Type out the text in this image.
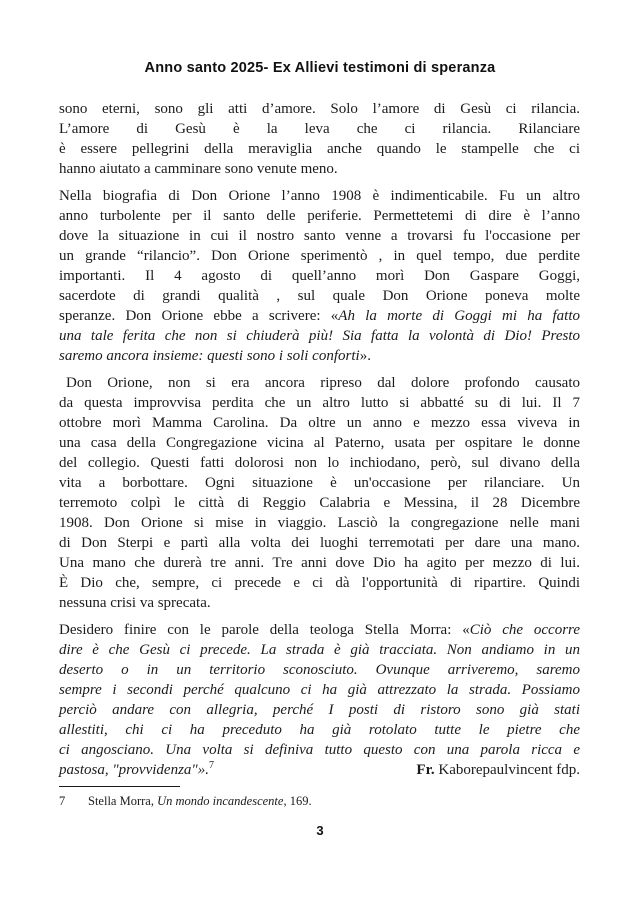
Anno santo 2025- Ex Allievi testimoni di speranza
sono eterni, sono gli atti d’amore. Solo l’amore di Gesù ci rilancia.
L’amore di Gesù è la leva che ci rilancia. Rilanciare
è essere pellegrini della meraviglia anche quando le stampelle che ci
hanno aiutato a camminare sono venute meno.
Nella biografia di Don Orione l’anno 1908 è indimenticabile. Fu un altro
anno turbolente per il santo delle periferie. Permettetemi di dire è l’anno
dove la situazione in cui il nostro santo venne a trovarsi fu l'occasione per
un grande “rilancio”. Don Orione sperimentò , in quel tempo, due perdite
importanti. Il 4 agosto di quell’anno morì Don Gaspare Goggi,
sacerdote di grandi qualità , sul quale Don Orione poneva molte
speranze. Don Orione ebbe a scrivere: «Ah la morte di Goggi mi ha fatto
una tale ferita che non si chiuderà più! Sia fatta la volontà di Dio! Presto
saremo ancora insieme: questi sono i soli conforti».
Don Orione, non si era ancora ripreso dal dolore profondo causato
da questa improvvisa perdita che un altro lutto si abbatté su di lui. Il 7
ottobre morì Mamma Carolina. Da oltre un anno e mezzo essa viveva in
una casa della Congregazione vicina al Paterno, usata per ospitare le donne
del collegio. Questi fatti dolorosi non lo inchiodano, però, sul divano della
vita a borbottare. Ogni situazione è un'occasione per rilanciare. Un
terremoto colpì le città di Reggio Calabria e Messina, il 28 Dicembre
1908. Don Orione si mise in viaggio. Lasciò la congregazione nelle mani
di Don Sterpi e partì alla volta dei luoghi terremotati per dare una mano.
Una mano che durerà tre anni. Tre anni dove Dio ha agito per mezzo di lui.
È Dio che, sempre, ci precede e ci dà l'opportunità di ripartire. Quindi
nessuna crisi va sprecata.
Desidero finire con le parole della teologa Stella Morra: «Ciò che occorre
dire è che Gesù ci precede. La strada è già tracciata. Non andiamo in un
deserto o in un territorio sconosciuto. Ovunque arriveremo, saremo
sempre i secondi perché qualcuno ci ha già attrezzato la strada. Possiamo
perciò andare con allegria, perché I posti di ristoro sono già stati
allestiti, chi ci ha preceduto ha già rotolato tutte le pietre che
ci angosciano. Una volta si definiva tutto questo con una parola ricca e
pastosa, "provvidenza"».$^7$	Fr. Kaborepaulvincent fdp.
7 Stella Morra, Un mondo incandescente, 169.
3
